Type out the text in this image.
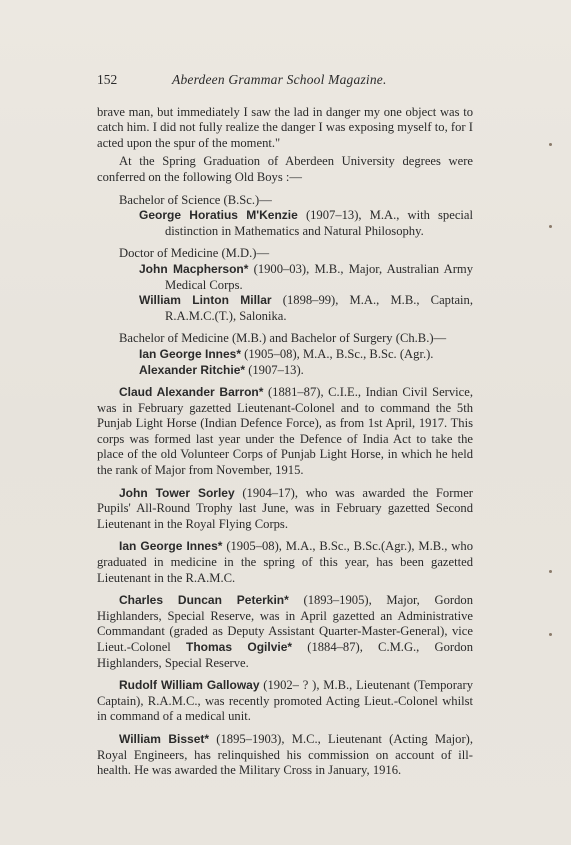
152	Aberdeen Grammar School Magazine.

brave man, but immediately I saw the lad in danger my one object was to catch him. I did not fully realize the danger I was exposing myself to, for I acted upon the spur of the moment."

At the Spring Graduation of Aberdeen University degrees were conferred on the following Old Boys :—

Bachelor of Science (B.Sc.)—

George Horatius M'Kenzie (1907–13), M.A., with special distinction in Mathematics and Natural Philosophy.

Doctor of Medicine (M.D.)—

John Macpherson* (1900–03), M.B., Major, Australian Army Medical Corps.

William Linton Millar (1898–99), M.A., M.B., Captain, R.A.M.C.(T.), Salonika.

Bachelor of Medicine (M.B.) and Bachelor of Surgery (Ch.B.)—

Ian George Innes* (1905–08), M.A., B.Sc., B.Sc. (Agr.).

Alexander Ritchie* (1907–13).

Claud Alexander Barron* (1881–87), C.I.E., Indian Civil Service, was in February gazetted Lieutenant-Colonel and to command the 5th Punjab Light Horse (Indian Defence Force), as from 1st April, 1917. This corps was formed last year under the Defence of India Act to take the place of the old Volunteer Corps of Punjab Light Horse, in which he held the rank of Major from November, 1915.

John Tower Sorley (1904–17), who was awarded the Former Pupils' All-Round Trophy last June, was in February gazetted Second Lieutenant in the Royal Flying Corps.

Ian George Innes* (1905–08), M.A., B.Sc., B.Sc.(Agr.), M.B., who graduated in medicine in the spring of this year, has been gazetted Lieutenant in the R.A.M.C.

Charles Duncan Peterkin* (1893–1905), Major, Gordon Highlanders, Special Reserve, was in April gazetted an Administrative Commandant (graded as Deputy Assistant Quarter-Master-General), vice Lieut.-Colonel Thomas Ogilvie* (1884–87), C.M.G., Gordon Highlanders, Special Reserve.

Rudolf William Galloway (1902– ? ), M.B., Lieutenant (Temporary Captain), R.A.M.C., was recently promoted Acting Lieut.-Colonel whilst in command of a medical unit.

William Bisset* (1895–1903), M.C., Lieutenant (Acting Major), Royal Engineers, has relinquished his commission on account of ill-health. He was awarded the Military Cross in January, 1916.
